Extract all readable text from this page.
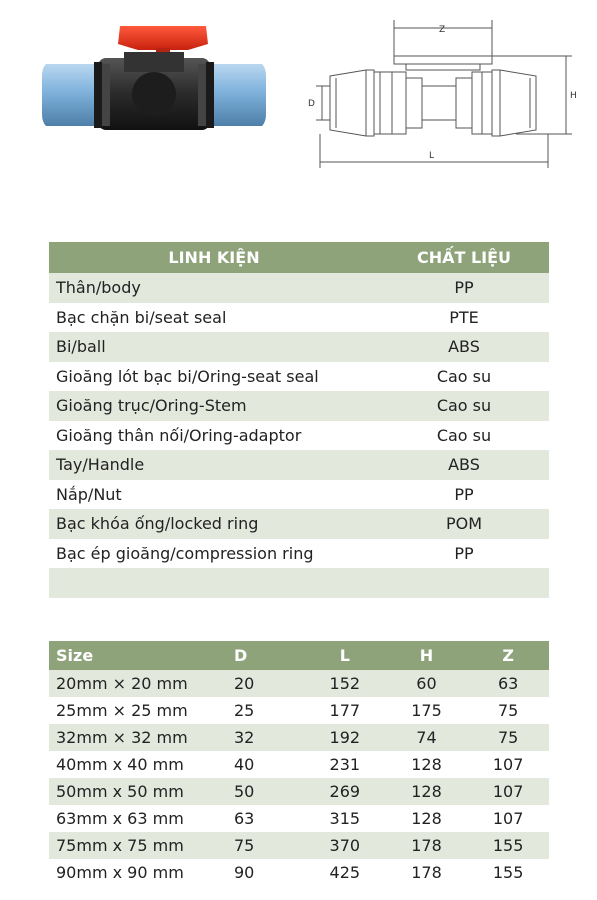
Z
H
D
L
LINH KIỆN	CHẤT LIỆU
Thân/body	PP
Bạc chặn bi/seat seal	PTE
Bi/ball	ABS
Gioăng lót bạc bi/Oring-seat seal	Cao su
Gioăng trục/Oring-Stem	Cao su
Gioăng thân nối/Oring-adaptor	Cao su
Tay/Handle	ABS
Nắp/Nut	PP
Bạc khóa ống/locked ring	POM
Bạc ép gioăng/compression ring	PP

Size	D	L	H	Z
20mm × 20 mm	20	152	60	63
25mm × 25 mm	25	177	175	75
32mm × 32 mm	32	192	74	75
40mm x 40 mm	40	231	128	107
50mm x 50 mm	50	269	128	107
63mm x 63 mm	63	315	128	107
75mm x 75 mm	75	370	178	155
90mm x 90 mm	90	425	178	155
